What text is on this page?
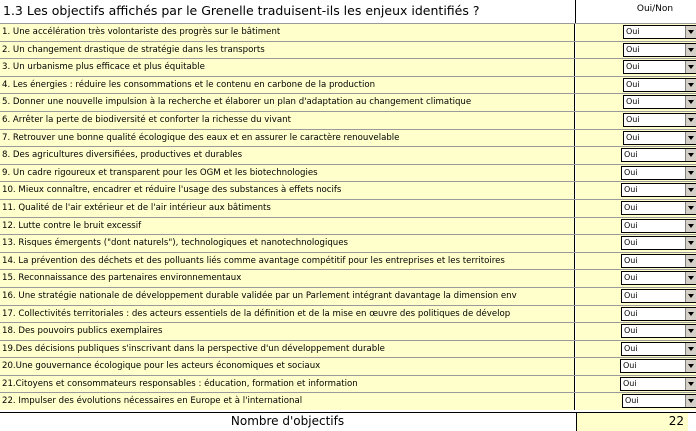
1.3 Les objectifs affichés par le Grenelle traduisent-ils les enjeux identifiés ?	Oui/Non
1. Une accélération très volontariste des progrès sur le bâtiment	Oui
2. Un changement drastique de stratégie dans les transports	Oui
3. Un urbanisme plus efficace et plus équitable	Oui
4. Les énergies : réduire les consommations et le contenu en carbone de la production	Oui
5. Donner une nouvelle impulsion à la recherche et élaborer un plan d'adaptation au changement climatique	Oui
6. Arrêter la perte de biodiversité et conforter la richesse du vivant	Oui
7. Retrouver une bonne qualité écologique des eaux et en assurer le caractère renouvelable	Oui
8. Des agricultures diversifiées, productives et durables	Oui
9. Un cadre rigoureux et transparent pour les OGM et les biotechnologies	Oui
10. Mieux connaître, encadrer et réduire l'usage des substances à effets nocifs	Oui
11. Qualité de l'air extérieur et de l'air intérieur aux bâtiments	Oui
12. Lutte contre le bruit excessif	Oui
13. Risques émergents ("dont naturels"), technologiques et nanotechnologiques	Oui
14. La prévention des déchets et des polluants liés comme avantage compétitif pour les entreprises et les territoires	Oui
15. Reconnaissance des partenaires environnementaux	Oui
16. Une stratégie nationale de développement durable validée par un Parlement intégrant davantage la dimension env	Oui
17. Collectivités territoriales : des acteurs essentiels de la définition et de la mise en œuvre des politiques de dévelop	Oui
18. Des pouvoirs publics exemplaires	Oui
19.Des décisions publiques s'inscrivant dans la perspective d'un développement durable	Oui
20.Une gouvernance écologique pour les acteurs économiques et sociaux	Oui
21.Citoyens et consommateurs responsables : éducation, formation et information	Oui
22. Impulser des évolutions nécessaires en Europe et à l'international	Oui
Nombre d'objectifs	22
